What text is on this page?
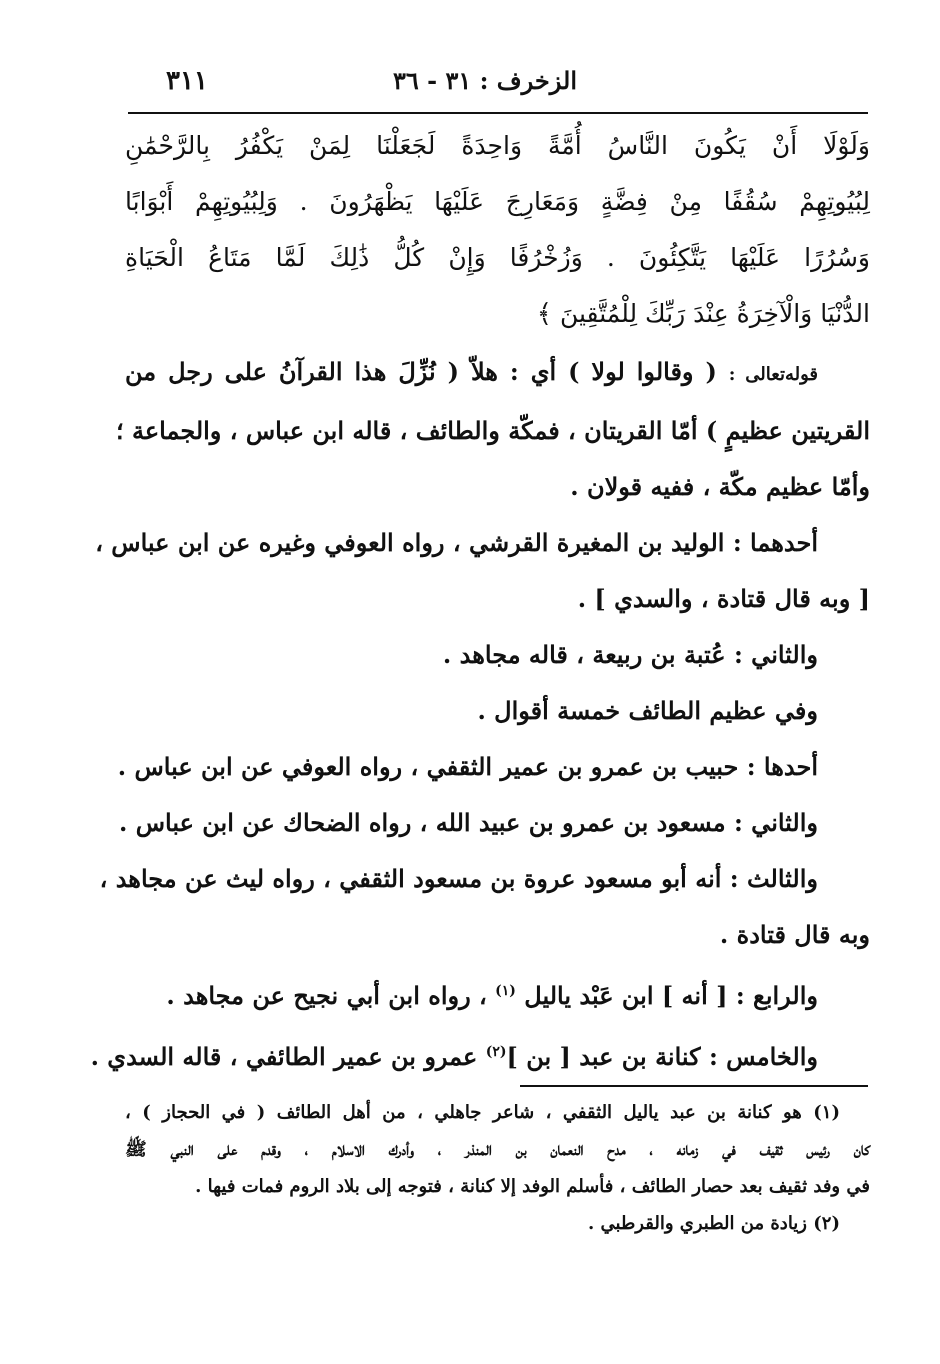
٣١١	الزخرف : ٣١ - ٣٦
وَلَوْلَا أَنْ يَكُونَ النَّاسُ أُمَّةً وَاحِدَةً لَجَعَلْنَا لِمَنْ يَكْفُرُ بِالرَّحْمَٰنِ
لِبُيُوتِهِمْ سُقُفًا مِنْ فِضَّةٍ وَمَعَارِجَ عَلَيْهَا يَظْهَرُونَ . وَلِبُيُوتِهِمْ أَبْوَابًا
وَسُرُرًا عَلَيْهَا يَتَّكِئُونَ . وَزُخْرُفًا وَإِنْ كُلُّ ذَٰلِكَ لَمَّا مَتَاعُ الْحَيَاةِ
الدُّنْيَا وَالْآخِرَةُ عِنْدَ رَبِّكَ لِلْمُتَّقِينَ ﴾
قوله‌تعالى : ( وقالوا لولا ) أي : هلاّ ( نُزِّلَ هذا القرآنُ على رجل من
القريتين عظيمٍ ) أمّا القريتان ، فمكّة والطائف ، قاله ابن عباس ، والجماعة ؛
وأمّا عظيم مكّة ، ففيه قولان .
أحدهما : الوليد بن المغيرة القرشي ، رواه العوفي وغيره عن ابن عباس ،
[ وبه قال قتادة ، والسدي ] .
والثاني : عُتبة بن ربيعة ، قاله مجاهد .
وفي عظيم الطائف خمسة أقوال .
أحدها : حبيب بن عمرو بن عمير الثقفي ، رواه العوفي عن ابن عباس .
والثاني : مسعود بن عمرو بن عبيد الله ، رواه الضحاك عن ابن عباس .
والثالث : أنه أبو مسعود عروة بن مسعود الثقفي ، رواه ليث عن مجاهد ،
وبه قال قتادة .
والرابع : [ أنه ] ابن عَبْد ياليل $^{(١)}$ ، رواه ابن أبي نجيح عن مجاهد .
والخامس : كنانة بن عبد [ بن ]$^{(٢)}$ عمرو بن عمير الطائفي ، قاله السدي .
(١) هو كنانة بن عبد ياليل الثقفي ، شاعر جاهلي ، من أهل الطائف ( في الحجاز ) ،
كان رئيس ثقيف في زمانه ، مدح النعمان بن المنذر ، وأدرك الاسلام ، وقدم على النبي ﷺ
في وفد ثقيف بعد حصار الطائف ، فأسلم الوفد إلا كنانة ، فتوجه إلى بلاد الروم فمات فيها .
(٢) زيادة من الطبري والقرطبي .
